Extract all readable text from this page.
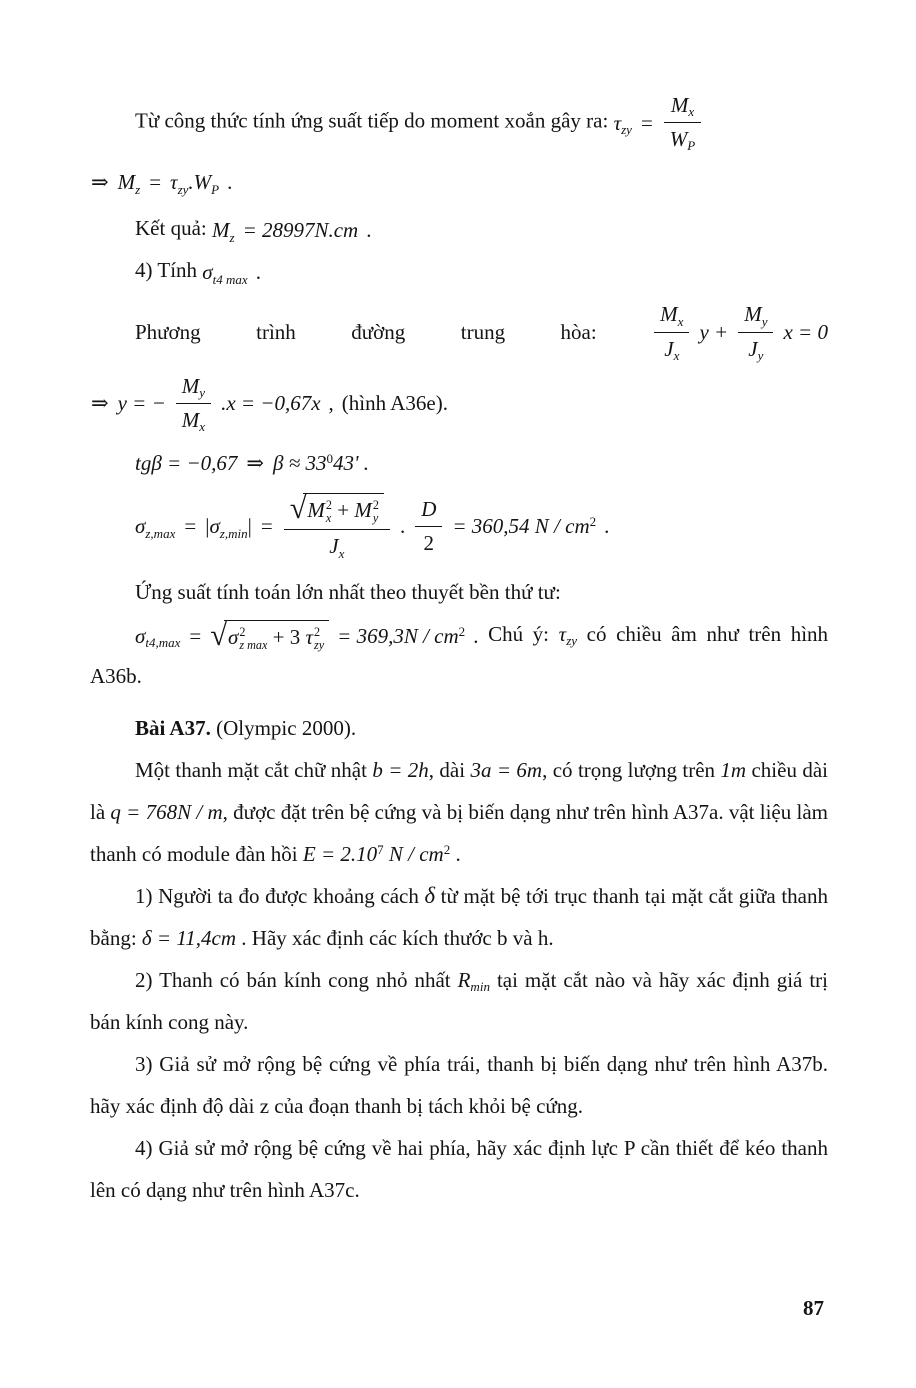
Từ công thức tính ứng suất tiếp do moment xoắn gây ra: $\tau_{zy} = \frac{M_x}{W_P}$

⇒ $M_z = \tau_{zy}.W_P$ .

Kết quả: $M_z = 28997N.cm$ .

4) Tính $\sigma_{t4 max}$ .

Phương	trình	đường	trung	hòa:	$\frac{M_x}{J_x}$ $y + \frac{M_y}{J_y}$ x = 0

⇒ y = − $\frac{M_y}{M_x} .x = -0,67x$ , (hình A36e).

tgβ = −0,67 ⇒ $\beta \approx 33^043'$ .

$\sigma_{z,max} = |\sigma_{z,min}|$ =
√ M 2
x + M 2
y
$J_x$
. $\frac{D}{2} = 360,54$ N / $cm^2$ .

Ứng suất tính toán lớn nhất theo thuyết bền thứ tư:

$\sigma_{t4,max}$ = √ σ 2
z max + 3 τ 2
zy = $369,3N / cm^2$ . Chú ý: $\tau_{zy}$ có chiều âm như trên hình A36b.

Bài A37. (Olympic 2000).

Một thanh mặt cắt chữ nhật b = 2h, dài 3a = 6m, có trọng lượng trên 1m chiều dài là q = 768N / m, được đặt trên bệ cứng và bị biến dạng như trên hình A37a. vật liệu làm thanh có module đàn hồi $E = 2.10^7$ N / $cm^2$ .

1) Người ta đo được khoảng cách δ từ mặt bệ tới trục thanh tại mặt cắt giữa thanh bằng: δ = 11,4cm . Hãy xác định các kích thước b và h.

2) Thanh có bán kính cong nhỏ nhất $R_{min}$ tại mặt cắt nào và hãy xác định giá trị bán kính cong này.

3) Giả sử mở rộng bệ cứng về phía trái, thanh bị biến dạng như trên hình A37b. hãy xác định độ dài z của đoạn thanh bị tách khỏi bệ cứng.

4) Giả sử mở rộng bệ cứng về hai phía, hãy xác định lực P cần thiết để kéo thanh lên có dạng như trên hình A37c.

87
